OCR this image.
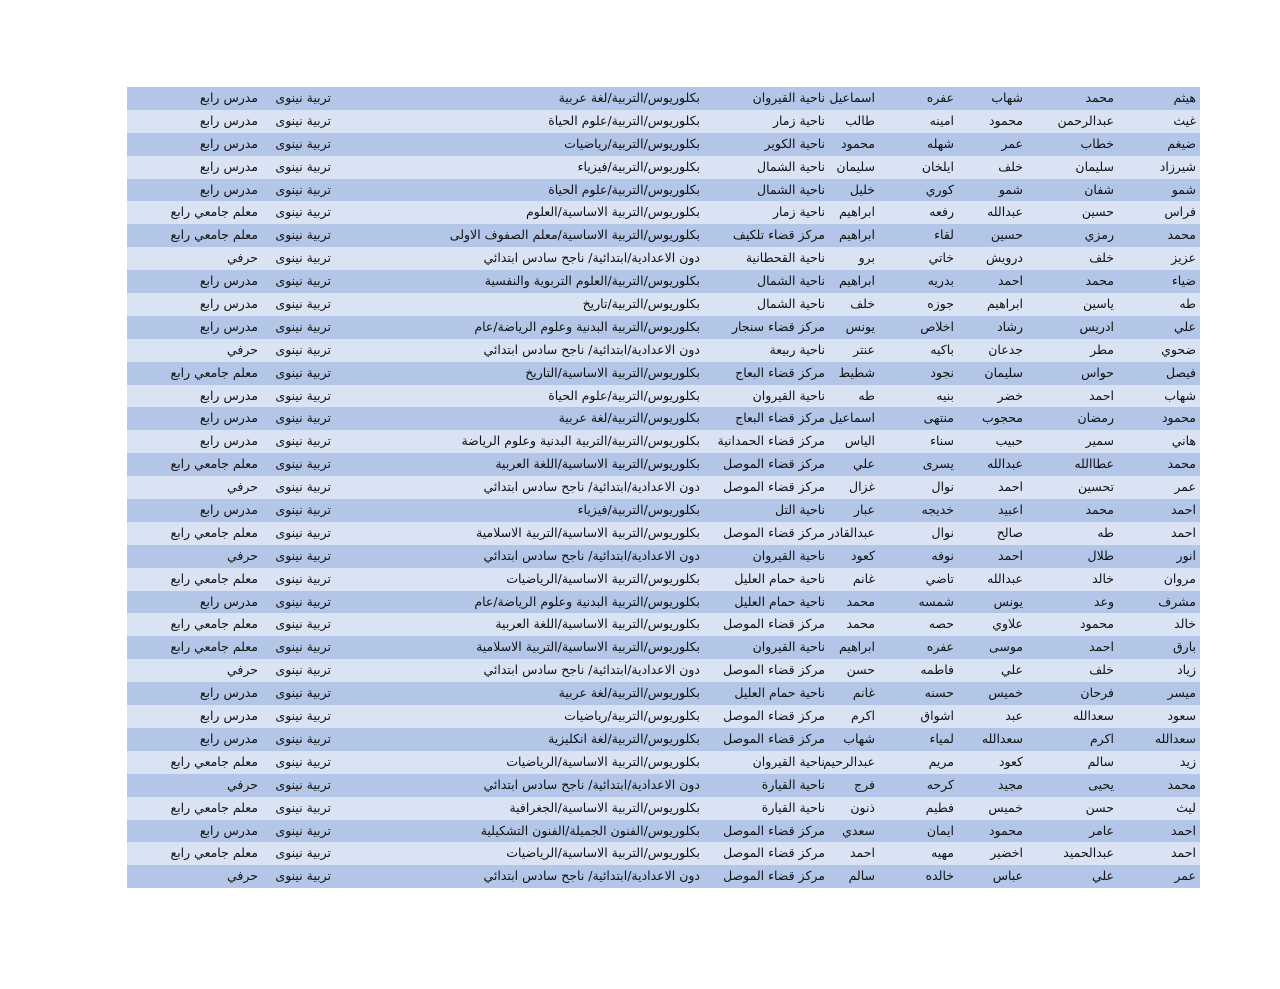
هيثم
محمد
شهاب
عفره
اسماعيل
ناحية القيروان
بكلوريوس/التربية/لغة عربية
تربية نينوى
مدرس رابع
غيث
عبدالرحمن
محمود
امينه
طالب
ناحية زمار
بكلوريوس/التربية/علوم الحياة
تربية نينوى
مدرس رابع
ضيغم
خطاب
عمر
شهله
محمود
ناحية الكوير
بكلوريوس/التربية/رياضيات
تربية نينوى
مدرس رابع
شيرزاد
سليمان
خلف
ايلخان
سليمان
ناحية الشمال
بكلوريوس/التربية/فيزياء
تربية نينوى
مدرس رابع
شمو
شفان
شمو
كوري
خليل
ناحية الشمال
بكلوريوس/التربية/علوم الحياة
تربية نينوى
مدرس رابع
فراس
حسين
عبدالله
رفعه
ابراهيم
ناحية زمار
بكلوريوس/التربية الاساسية/العلوم
تربية نينوى
معلم جامعي رابع
محمد
رمزي
حسين
لقاء
ابراهيم
مركز قضاء تلكيف
بكلوريوس/التربية الاساسية/معلم الصفوف الاولى
تربية نينوى
معلم جامعي رابع
عزيز
خلف
درويش
خاتي
برو
ناحية القحطانية
دون الاعدادية/ابتدائية/ ناجح سادس ابتدائي
تربية نينوى
حرفي
ضياء
محمد
احمد
بدريه
ابراهيم
ناحية الشمال
بكلوريوس/التربية/العلوم التربوية والنفسية
تربية نينوى
مدرس رابع
طه
ياسين
ابراهيم
جوزه
خلف
ناحية الشمال
بكلوريوس/التربية/تاريخ
تربية نينوى
مدرس رابع
علي
ادريس
رشاد
اخلاص
يونس
مركز قضاء سنجار
بكلوريوس/التربية البدنية وعلوم الرياضة/عام
تربية نينوى
مدرس رابع
ضحوي
مطر
جدعان
باكيه
عنتر
ناحية ربيعة
دون الاعدادية/ابتدائية/ ناجح سادس ابتدائي
تربية نينوى
حرفي
فيصل
حواس
سليمان
نجود
شطيط
مركز قضاء البعاج
بكلوريوس/التربية الاساسية/التاريخ
تربية نينوى
معلم جامعي رابع
شهاب
احمد
خضر
بنيه
طه
ناحية القيروان
بكلوريوس/التربية/علوم الحياة
تربية نينوى
مدرس رابع
محمود
رمضان
محجوب
منتهى
اسماعيل
مركز قضاء البعاج
بكلوريوس/التربية/لغة عربية
تربية نينوى
مدرس رابع
هاني
سمير
حبيب
سناء
الياس
مركز قضاء الحمدانية
بكلوريوس/التربية/التربية البدنية وعلوم الرياضة
تربية نينوى
مدرس رابع
محمد
عطاالله
عبدالله
يسرى
علي
مركز قضاء الموصل
بكلوريوس/التربية الاساسية/اللغة العربية
تربية نينوى
معلم جامعي رابع
عمر
تحسين
احمد
نوال
غزال
مركز قضاء الموصل
دون الاعدادية/ابتدائية/ ناجح سادس ابتدائي
تربية نينوى
حرفي
احمد
محمد
اعبيد
خديجه
عبار
ناحية التل
بكلوريوس/التربية/فيزياء
تربية نينوى
مدرس رابع
احمد
طه
صالح
نوال
عبدالقادر
مركز قضاء الموصل
بكلوريوس/التربية الاساسية/التربية الاسلامية
تربية نينوى
معلم جامعي رابع
انور
طلال
احمد
نوفه
كعود
ناحية القيروان
دون الاعدادية/ابتدائية/ ناجح سادس ابتدائي
تربية نينوى
حرفي
مروان
خالد
عبدالله
تاضي
غانم
ناحية حمام العليل
بكلوريوس/التربية الاساسية/الرياضيات
تربية نينوى
معلم جامعي رابع
مشرف
وعد
يونس
شمسه
محمد
ناحية حمام العليل
بكلوريوس/التربية البدنية وعلوم الرياضة/عام
تربية نينوى
مدرس رابع
خالد
محمود
علاوي
حصه
محمد
مركز قضاء الموصل
بكلوريوس/التربية الاساسية/اللغة العربية
تربية نينوى
معلم جامعي رابع
بارق
احمد
موسى
عفره
ابراهيم
ناحية القيروان
بكلوريوس/التربية الاساسية/التربية الاسلامية
تربية نينوى
معلم جامعي رابع
زياد
خلف
علي
فاطمه
حسن
مركز قضاء الموصل
دون الاعدادية/ابتدائية/ ناجح سادس ابتدائي
تربية نينوى
حرفي
ميسر
فرحان
خميس
حسنه
غانم
ناحية حمام العليل
بكلوريوس/التربية/لغة عربية
تربية نينوى
مدرس رابع
سعود
سعدالله
عبد
اشواق
اكرم
مركز قضاء الموصل
بكلوريوس/التربية/رياضيات
تربية نينوى
مدرس رابع
سعدالله
اكرم
سعدالله
لمياء
شهاب
مركز قضاء الموصل
بكلوريوس/التربية/لغة انكليزية
تربية نينوى
مدرس رابع
زيد
سالم
كعود
مريم
عبدالرحيم
ناحية القيروان
بكلوريوس/التربية الاساسية/الرياضيات
تربية نينوى
معلم جامعي رابع
محمد
يحيى
مجيد
كرحه
فرج
ناحية القيارة
دون الاعدادية/ابتدائية/ ناجح سادس ابتدائي
تربية نينوى
حرفي
ليث
حسن
خميس
فطيم
ذنون
ناحية القيارة
بكلوريوس/التربية الاساسية/الجغرافية
تربية نينوى
معلم جامعي رابع
احمد
عامر
محمود
ايمان
سعدي
مركز قضاء الموصل
بكلوريوس/الفنون الجميلة/الفنون التشكيلية
تربية نينوى
مدرس رابع
احمد
عبدالحميد
اخضير
مهيه
احمد
مركز قضاء الموصل
بكلوريوس/التربية الاساسية/الرياضيات
تربية نينوى
معلم جامعي رابع
عمر
علي
عباس
خالده
سالم
مركز قضاء الموصل
دون الاعدادية/ابتدائية/ ناجح سادس ابتدائي
تربية نينوى
حرفي
